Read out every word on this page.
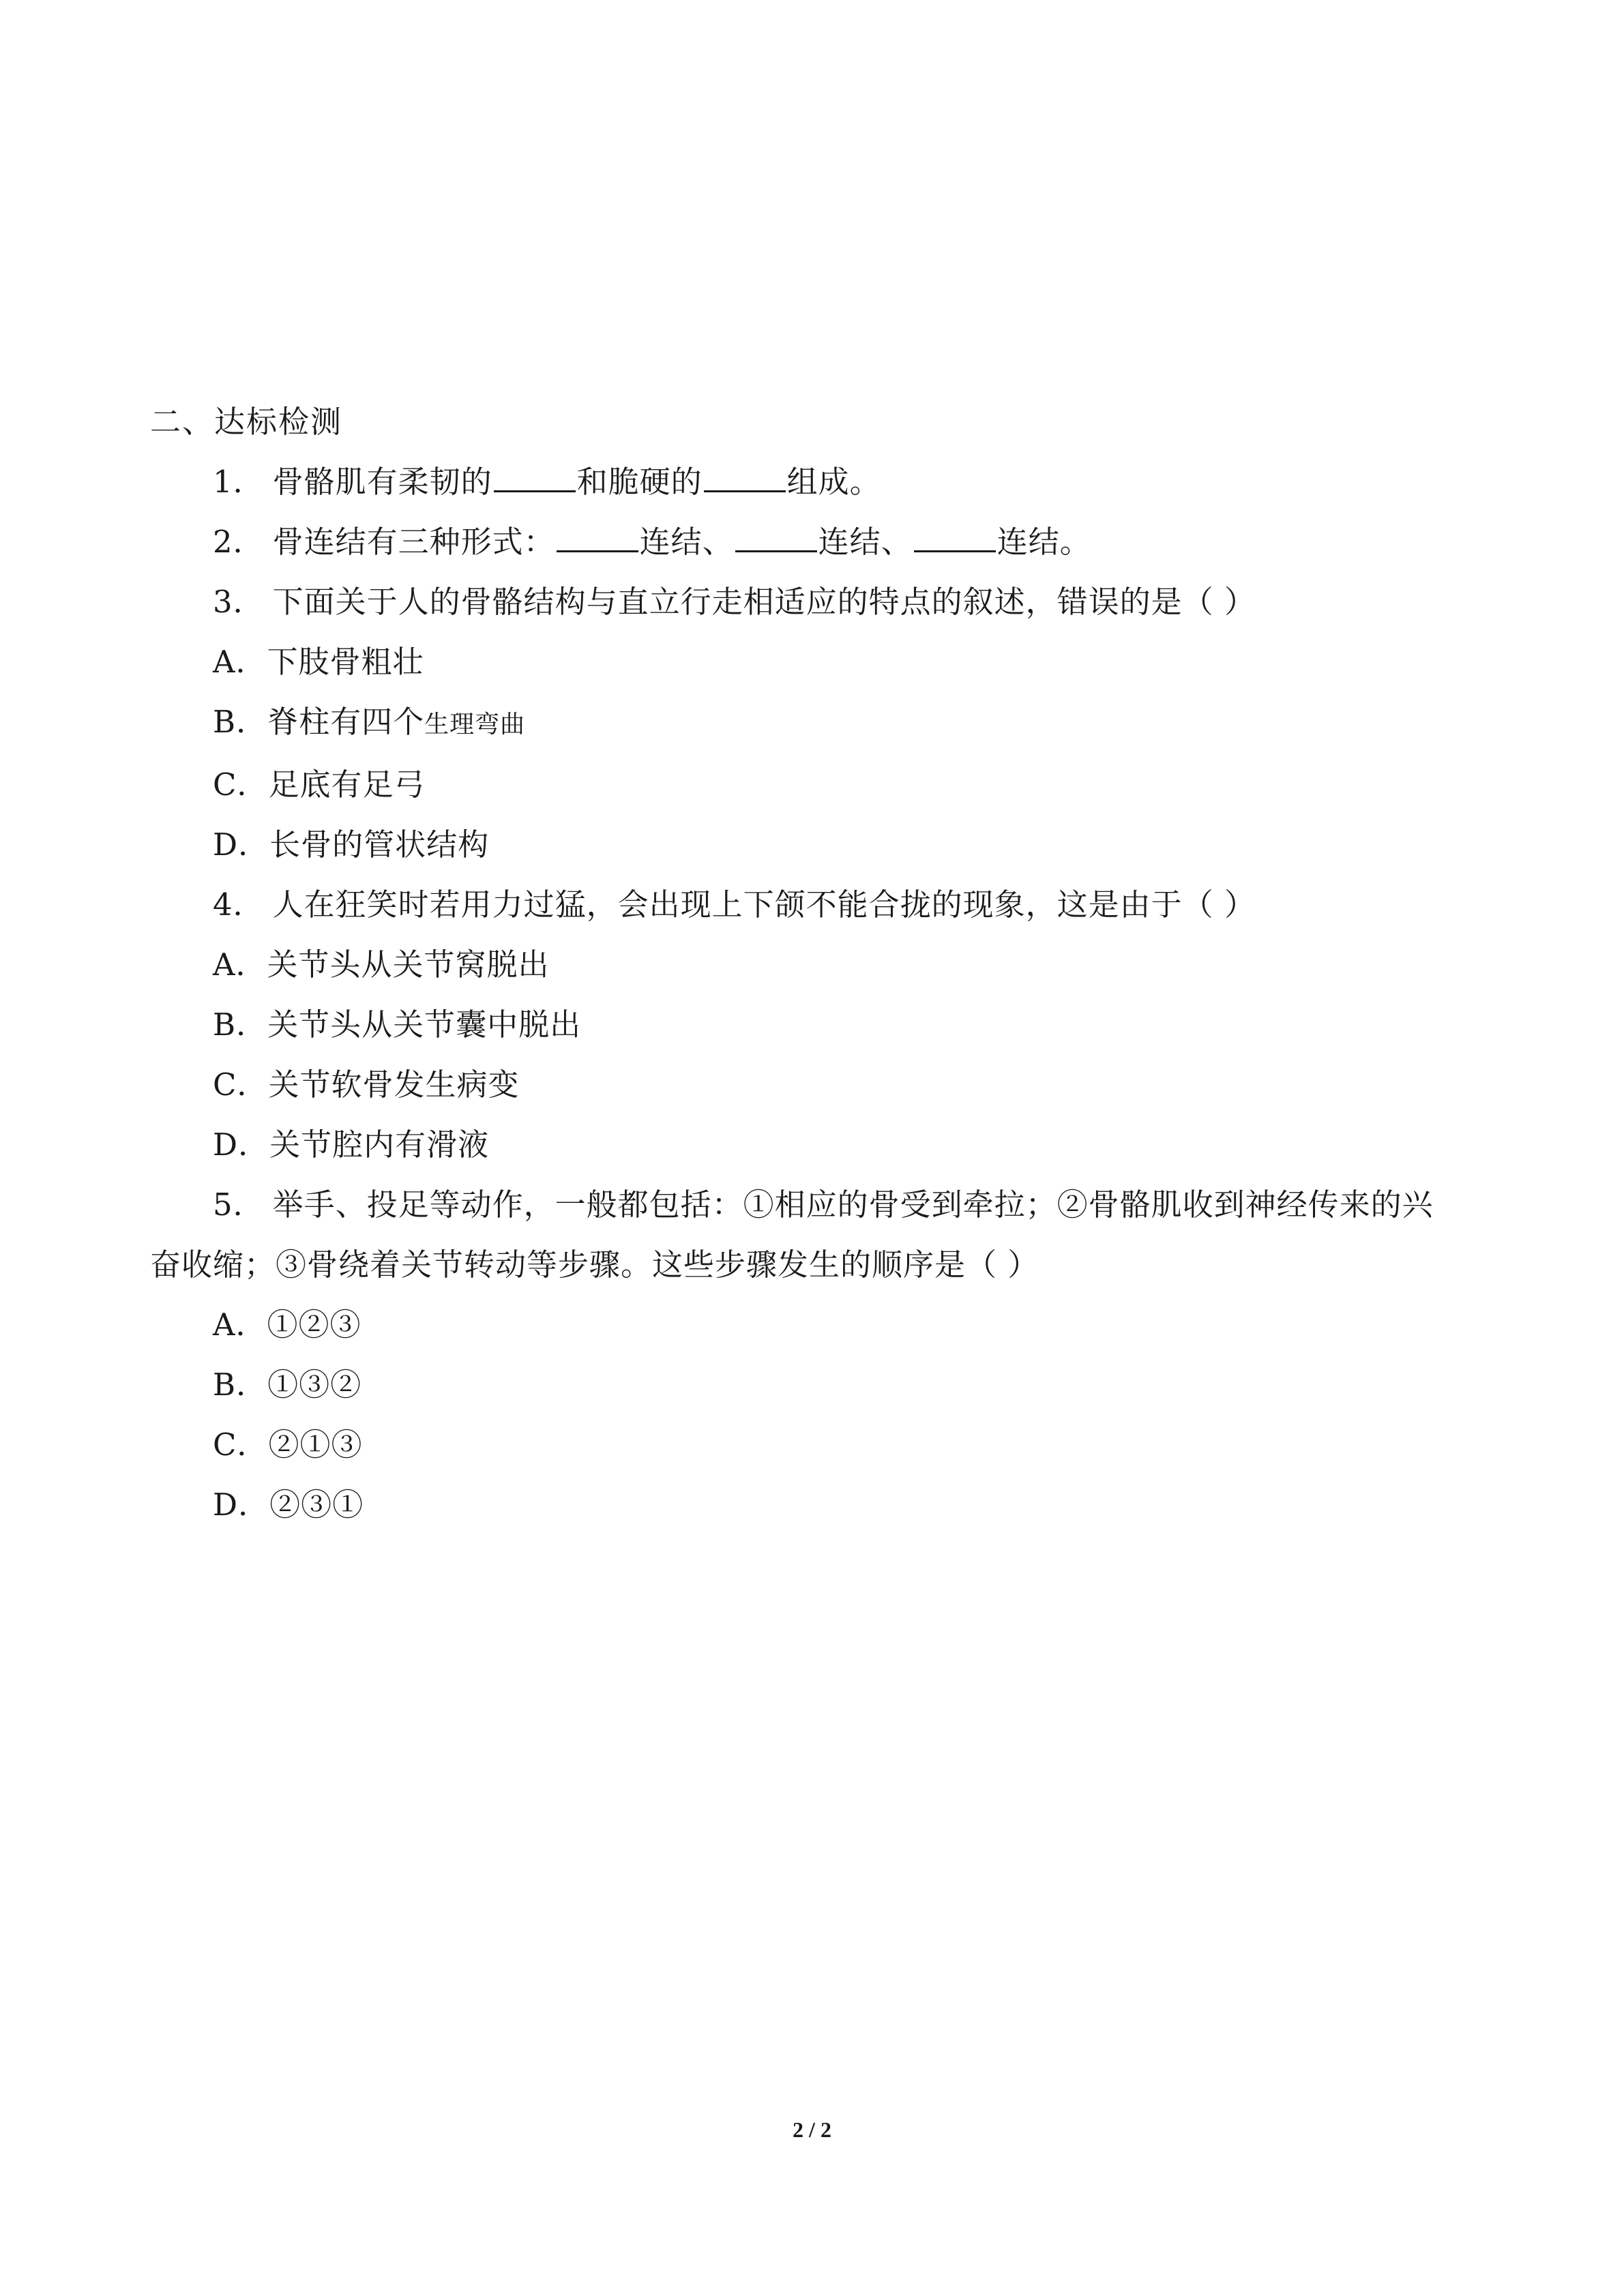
二、达标检测

1． 骨骼肌有柔韧的	和脆硬的	组成。

2． 骨连结有三种形式：	连结、	连结、	连结。

3． 下面关于人的骨骼结构与直立行走相适应的特点的叙述，错误的是（ ）

A．下肢骨粗壮

B．脊柱有四个生理弯曲

C．足底有足弓

D．长骨的管状结构

4． 人在狂笑时若用力过猛，会出现上下颌不能合拢的现象，这是由于（ ）

A．关节头从关节窝脱出

B．关节头从关节囊中脱出

C．关节软骨发生病变

D．关节腔内有滑液

5． 举手、投足等动作，一般都包括：①相应的骨受到牵拉；②骨骼肌收到神经传来的兴

奋收缩；③骨绕着关节转动等步骤。这些步骤发生的顺序是（ ）

A．①②③

B．①③②

C．②①③

D．②③①

2 / 2
